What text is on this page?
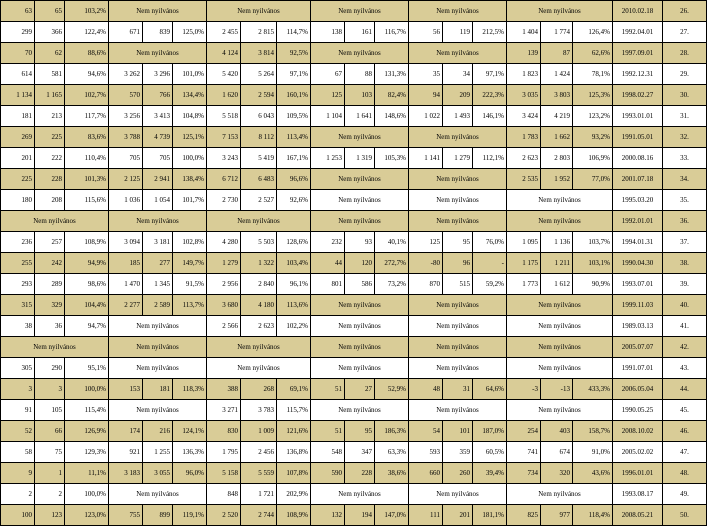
63	65	103,2%	Nem nyilvános			Nem nyilvános			Nem nyilvános			Nem nyilvános			Nem nyilvános			2010.02.18	26.
299	366	122,4%	671	839	125,0%	2 455	2 815	114,7%	138	161	116,7%	56	119	212,5%	1 404	1 774	126,4%	1992.04.01	27.
70	62	88,6%	Nem nyilvános			4 124	3 814	92,5%	Nem nyilvános			Nem nyilvános			139	87	62,6%	1997.09.01	28.
614	581	94,6%	3 262	3 296	101,0%	5 420	5 264	97,1%	67	88	131,3%	35	34	97,1%	1 823	1 424	78,1%	1992.12.31	29.
1 134	1 165	102,7%	570	766	134,4%	1 620	2 594	160,1%	125	103	82,4%	94	209	222,3%	3 035	3 803	125,3%	1998.02.27	30.
181	213	117,7%	3 256	3 413	104,8%	5 518	6 043	109,5%	1 104	1 641	148,6%	1 022	1 493	146,1%	3 424	4 219	123,2%	1993.01.01	31.
269	225	83,6%	3 788	4 739	125,1%	7 153	8 112	113,4%	Nem nyilvános			Nem nyilvános			1 783	1 662	93,2%	1991.05.01	32.
201	222	110,4%	705	705	100,0%	3 243	5 419	167,1%	1 253	1 319	105,3%	1 141	1 279	112,1%	2 623	2 803	106,9%	2000.08.16	33.
225	228	101,3%	2 125	2 941	138,4%	6 712	6 483	96,6%	Nem nyilvános			Nem nyilvános			2 535	1 952	77,0%	2001.07.18	34.
180	208	115,6%	1 036	1 054	101,7%	2 730	2 527	92,6%	Nem nyilvános			Nem nyilvános			Nem nyilvános			1995.03.20	35.
Nem nyilvános			Nem nyilvános			Nem nyilvános			Nem nyilvános			Nem nyilvános			Nem nyilvános			1992.01.01	36.
236	257	108,9%	3 094	3 181	102,8%	4 280	5 503	128,6%	232	93	40,1%	125	95	76,0%	1 095	1 136	103,7%	1994.01.31	37.
255	242	94,9%	185	277	149,7%	1 279	1 322	103,4%	44	120	272,7%	-80	96	-	1 175	1 211	103,1%	1990.04.30	38.
293	289	98,6%	1 470	1 345	91,5%	2 956	2 840	96,1%	801	586	73,2%	870	515	59,2%	1 773	1 612	90,9%	1993.07.01	39.
315	329	104,4%	2 277	2 589	113,7%	3 680	4 180	113,6%	Nem nyilvános			Nem nyilvános			Nem nyilvános			1999.11.03	40.
38	36	94,7%	Nem nyilvános			2 566	2 623	102,2%	Nem nyilvános			Nem nyilvános			Nem nyilvános			1989.03.13	41.
Nem nyilvános			Nem nyilvános			Nem nyilvános			Nem nyilvános			Nem nyilvános			Nem nyilvános			2005.07.07	42.
305	290	95,1%	Nem nyilvános			Nem nyilvános			Nem nyilvános			Nem nyilvános			Nem nyilvános			1991.07.01	43.
3	3	100,0%	153	181	118,3%	388	268	69,1%	51	27	52,9%	48	31	64,6%	-3	-13	433,3%	2006.05.04	44.
91	105	115,4%	Nem nyilvános			3 271	3 783	115,7%	Nem nyilvános			Nem nyilvános			Nem nyilvános			1990.05.25	45.
52	66	126,9%	174	216	124,1%	830	1 009	121,6%	51	95	186,3%	54	101	187,0%	254	403	158,7%	2008.10.02	46.
58	75	129,3%	921	1 255	136,3%	1 795	2 456	136,8%	548	347	63,3%	593	359	60,5%	741	674	91,0%	2005.02.02	47.
9	1	11,1%	3 183	3 055	96,0%	5 158	5 559	107,8%	590	228	38,6%	660	260	39,4%	734	320	43,6%	1996.01.01	48.
2	2	100,0%	Nem nyilvános			848	1 721	202,9%	Nem nyilvános			Nem nyilvános			Nem nyilvános			1993.08.17	49.
100	123	123,0%	755	899	119,1%	2 520	2 744	108,9%	132	194	147,0%	111	201	181,1%	825	977	118,4%	2008.05.21	50.
